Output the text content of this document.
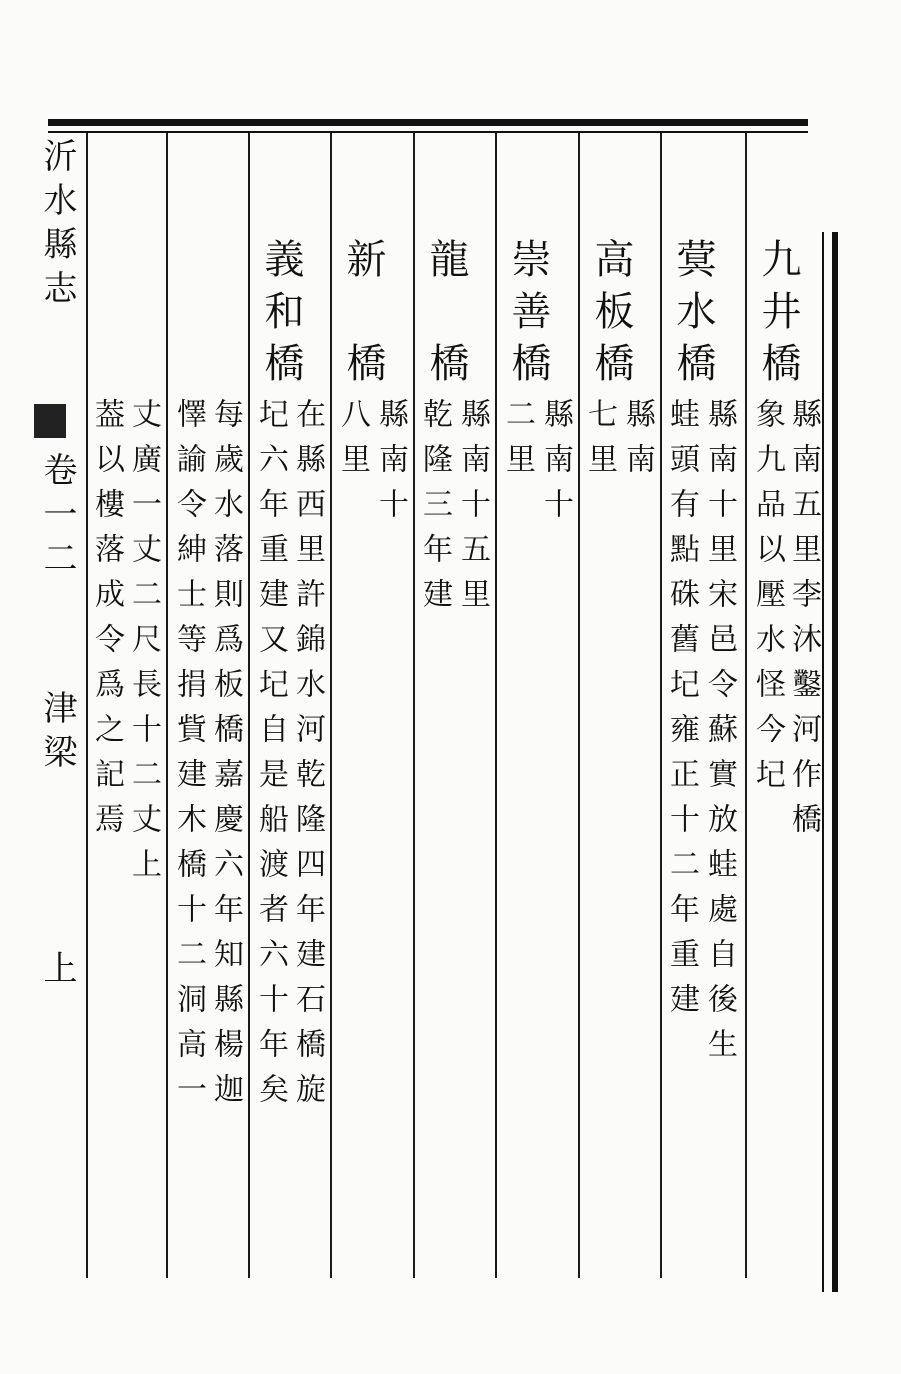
沂水縣志
卷一二
津梁
上
九井橋
縣南五里李沐鑿河作橋
象九品以壓水怪今圮
蓂水橋
縣南十里宋邑令蘇實放蛙處自後生
蛙頭有點硃舊圮雍正十二年重建
高板橋
縣南
七里
崇善橋
縣南十
二里
龍　橋
縣南十五里
乾隆三年建
新　橋
縣南十
八里
義和橋
在縣西里許錦水河乾隆四年建石橋旋
圮六年重建又圮自是船渡者六十年矣
每歲水落則爲板橋嘉慶六年知縣楊迦
懌諭令紳士等捐貲建木橋十二洞高一
丈廣一丈二尺長十二丈上
葢以樓落成令爲之記焉
